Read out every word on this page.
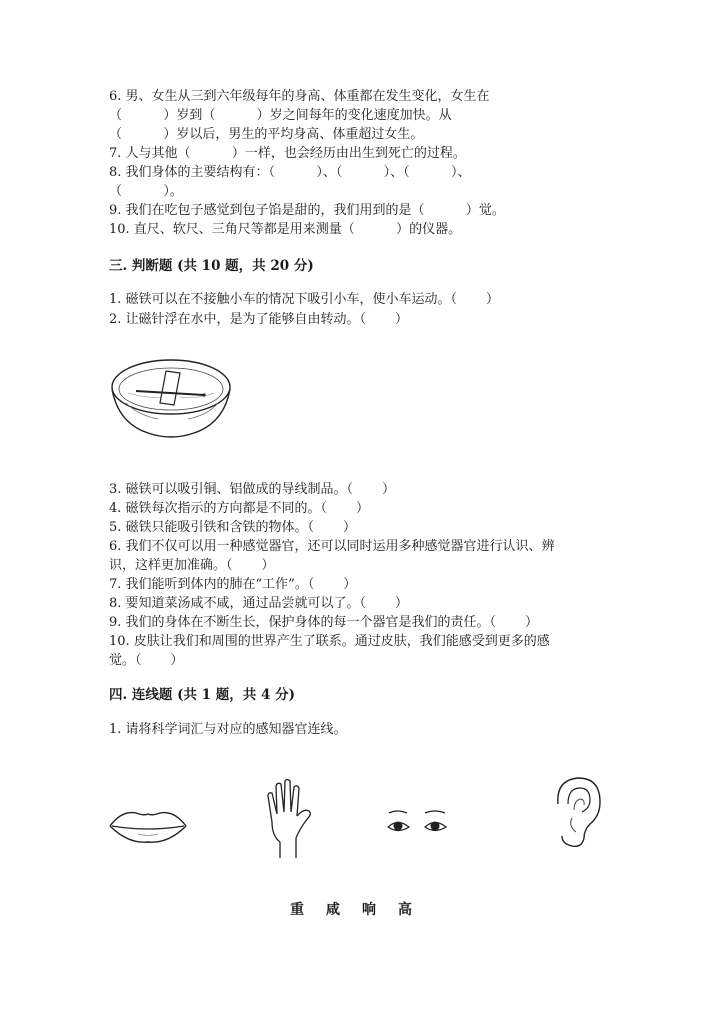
6. 男、女生从三到六年级每年的身高、体重都在发生变化，女生在
（          ）岁到（          ）岁之间每年的变化速度加快。从
（          ）岁以后，男生的平均身高、体重超过女生。
7. 人与其他（          ）一样，也会经历由出生到死亡的过程。
8. 我们身体的主要结构有：（          ）、（          ）、（          ）、
（          ）。
9. 我们在吃包子感觉到包子馅是甜的，我们用到的是（          ）觉。
10. 直尺、软尺、三角尺等都是用来测量（          ）的仪器。
三. 判断题 (共 10 题，共 20 分)
1. 磁铁可以在不接触小车的情况下吸引小车，使小车运动。（       ）
2. 让磁针浮在水中，是为了能够自由转动。（       ）
3. 磁铁可以吸引铜、铝做成的导线制品。（       ）
4. 磁铁每次指示的方向都是不同的。（       ）
5. 磁铁只能吸引铁和含铁的物体。（       ）
6. 我们不仅可以用一种感觉器官，还可以同时运用多种感觉器官进行认识、辨
识，这样更加准确。（       ）
7. 我们能听到体内的肺在“工作”。（       ）
8. 要知道菜汤咸不咸，通过品尝就可以了。（       ）
9. 我们的身体在不断生长，保护身体的每一个器官是我们的责任。（       ）
10. 皮肤让我们和周围的世界产生了联系。通过皮肤，我们能感受到更多的感
觉。（       ）
四. 连线题 (共 1 题，共 4 分)
1. 请将科学词汇与对应的感知器官连线。
重 咸 响 高
